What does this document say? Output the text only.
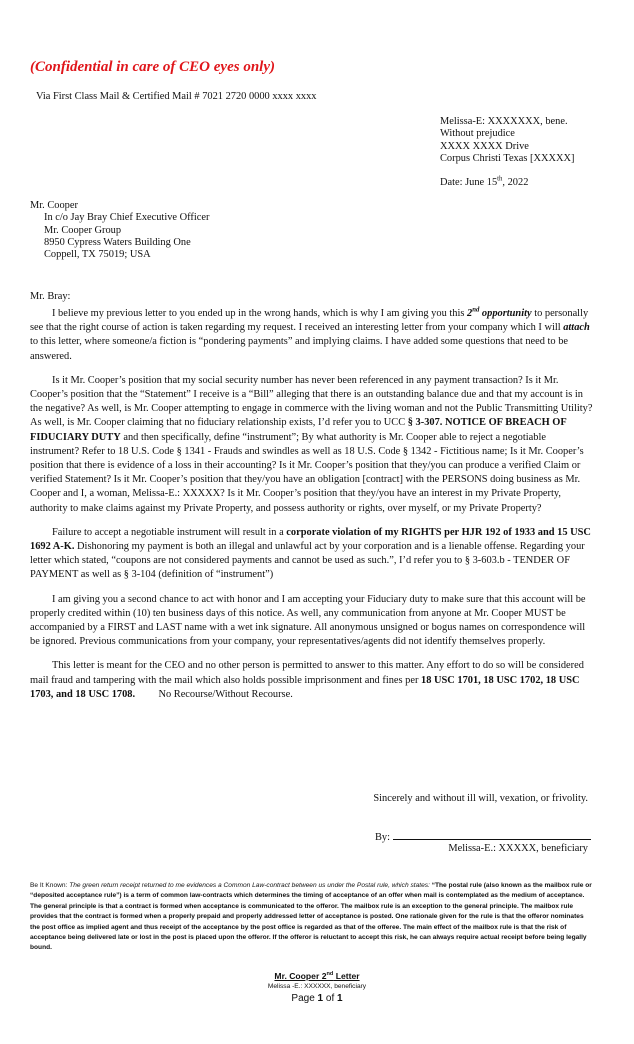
(Confidential in care of CEO eyes only)
Via First Class Mail & Certified Mail # 7021 2720 0000 xxxx xxxx
Melissa-E: XXXXXXX, bene.
Without prejudice
XXXX XXXX Drive
Corpus Christi Texas [XXXXX]
Date: June 15th, 2022
Mr. Cooper
In c/o Jay Bray Chief Executive Officer
Mr. Cooper Group
8950 Cypress Waters Building One
Coppell, TX 75019; USA
Mr. Bray:

I believe my previous letter to you ended up in the wrong hands, which is why I am giving you this 2nd opportunity to personally see that the right course of action is taken regarding my request. I received an interesting letter from your company which I will attach to this letter, where someone/a fiction is “pondering payments” and implying claims. I have added some questions that need to be answered.

Is it Mr. Cooper’s position that my social security number has never been referenced in any payment transaction? Is it Mr. Cooper’s position that the “Statement” I receive is a “Bill” alleging that there is an outstanding balance due and that my account is in the negative? As well, is Mr. Cooper attempting to engage in commerce with the living woman and not the Public Transmitting Utility? As well, is Mr. Cooper claiming that no fiduciary relationship exists, I’d refer you to UCC § 3-307. NOTICE OF BREACH OF FIDUCIARY DUTY and then specifically, define “instrument”; By what authority is Mr. Cooper able to reject a negotiable instrument? Refer to 18 U.S. Code § 1341 - Frauds and swindles as well as 18 U.S. Code § 1342 - Fictitious name; Is it Mr. Cooper’s position that there is evidence of a loss in their accounting? Is it Mr. Cooper’s position that they/you can produce a verified Claim or verified Statement? Is it Mr. Cooper’s position that they/you have an obligation [contract] with the PERSONS doing business as Mr. Cooper and I, a woman, Melissa-E.: XXXXX? Is it Mr. Cooper’s position that they/you have an interest in my Private Property, authority to make claims against my Private Property, and possess authority or rights, over myself, or my Private Property?

Failure to accept a negotiable instrument will result in a corporate violation of my RIGHTS per HJR 192 of 1933 and 15 USC 1692 A-K. Dishonoring my payment is both an illegal and unlawful act by your corporation and is a lienable offense. Regarding your letter which stated, “coupons are not considered payments and cannot be used as such.”, I’d refer you to § 3-603.b - TENDER OF PAYMENT as well as § 3-104 (definition of “instrument”)

I am giving you a second chance to act with honor and I am accepting your Fiduciary duty to make sure that this account will be properly credited within (10) ten business days of this notice. As well, any communication from anyone at Mr. Cooper MUST be accompanied by a FIRST and LAST name with a wet ink signature. All anonymous unsigned or bogus names on correspondence will be ignored. Previous communications from your company, your representatives/agents did not identify themselves properly.

This letter is meant for the CEO and no other person is permitted to answer to this matter. Any effort to do so will be considered mail fraud and tampering with the mail which also holds possible imprisonment and fines per 18 USC 1701, 18 USC 1702, 18 USC 1703, and 18 USC 1708.         No Recourse/Without Recourse.

Sincerely and without ill will, vexation, or frivolity.
By:
Melissa-E.: XXXXX, beneficiary
Be It Known: The green return receipt returned to me evidences a Common Law-contract between us under the Postal rule, which states: “The postal rule (also known as the mailbox rule or “deposited acceptance rule”) is a term of common law-contracts which determines the timing of acceptance of an offer when mail is contemplated as the medium of acceptance. The general principle is that a contract is formed when acceptance is communicated to the offeror. The mailbox rule is an exception to the general principle. The mailbox rule provides that the contract is formed when a properly prepaid and properly addressed letter of acceptance is posted. One rationale given for the rule is that the offeror nominates the post office as implied agent and thus receipt of the acceptance by the post office is regarded as that of the offeree. The main effect of the mailbox rule is that the risk of acceptance being delivered late or lost in the post is placed upon the offeror. If the offeror is reluctant to accept this risk, he can always require actual receipt before being legally bound.
Mr. Cooper 2nd Letter
Melissa -E.: XXXXXX, beneficiary
Page 1 of 1
